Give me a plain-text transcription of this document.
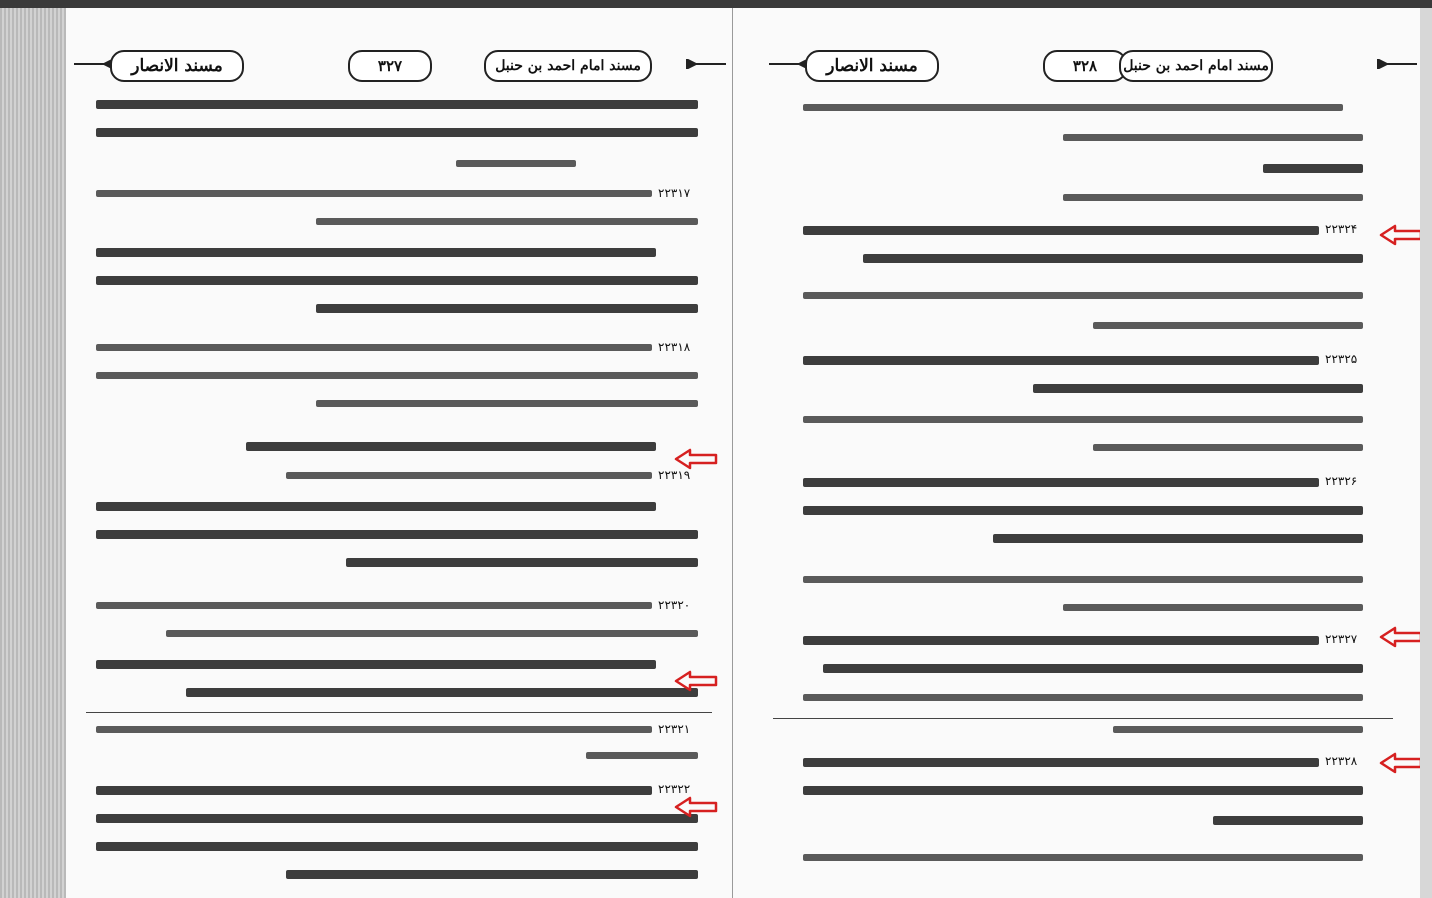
مسند الانصار	۳۲۷	مسند امام احمد بن حنبل
۲۲۳۱۷
۲۲۳۱۸
۲۲۳۱۹
۲۲۳۲۰
۲۲۳۲۱
۲۲۳۲۲
مسند الانصار	۳۲۸	مسند امام احمد بن حنبل
۲۲۳۲۴
۲۲۳۲۵
۲۲۳۲۶
۲۲۳۲۷
۲۲۳۲۸
